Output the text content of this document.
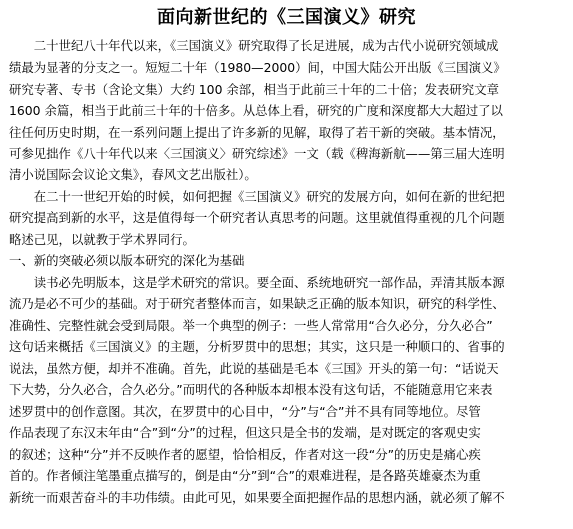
面向新世纪的《三国演义》研究
　　二十世纪八十年代以来，《三国演义》研究取得了长足进展，成为古代小说研究领域成
绩最为显著的分支之一。短短二十年（1980—2000）间，中国大陆公开出版《三国演义》
研究专著、专书（含论文集）大约 100 余部，相当于此前三十年的二十倍；发表研究文章
1600 余篇，相当于此前三十年的十倍多。从总体上看，研究的广度和深度都大大超过了以
往任何历史时期，在一系列问题上提出了许多新的见解，取得了若干新的突破。基本情况，
可参见拙作《八十年代以来〈三国演义〉研究综述》一文（载《稗海新航——第三届大连明
清小说国际会议论文集》，春风文艺出版社）。
　　在二十一世纪开始的时候，如何把握《三国演义》研究的发展方向，如何在新的世纪把
研究提高到新的水平，这是值得每一个研究者认真思考的问题。这里就值得重视的几个问题
略述己见，以就教于学术界同行。
一、新的突破必须以版本研究的深化为基础
　　读书必先明版本，这是学术研究的常识。要全面、系统地研究一部作品，弄清其版本源
流乃是必不可少的基础。对于研究者整体而言，如果缺乏正确的版本知识，研究的科学性、
准确性、完整性就会受到局限。举一个典型的例子：一些人常常用“合久必分，分久必合”
这句话来概括《三国演义》的主题，分析罗贯中的思想；其实，这只是一种顺口的、省事的
说法，虽然方便，却并不准确。首先，此说的基础是毛本《三国》开头的第一句：“话说天
下大势，分久必合，合久必分。”而明代的各种版本却根本没有这句话，不能随意用它来表
述罗贯中的创作意图。其次，在罗贯中的心目中，“分”与“合”并不具有同等地位。尽管
作品表现了东汉末年由“合”到“分”的过程，但这只是全书的发端，是对既定的客观史实
的叙述；这种“分”并不反映作者的愿望，恰恰相反，作者对这一段“分”的历史是痛心疾
首的。作者倾注笔墨重点描写的，倒是由“分”到“合”的艰难进程，是各路英雄豪杰为重
新统一而艰苦奋斗的丰功伟绩。由此可见，如果要全面把握作品的思想内涵，就必须了解不
